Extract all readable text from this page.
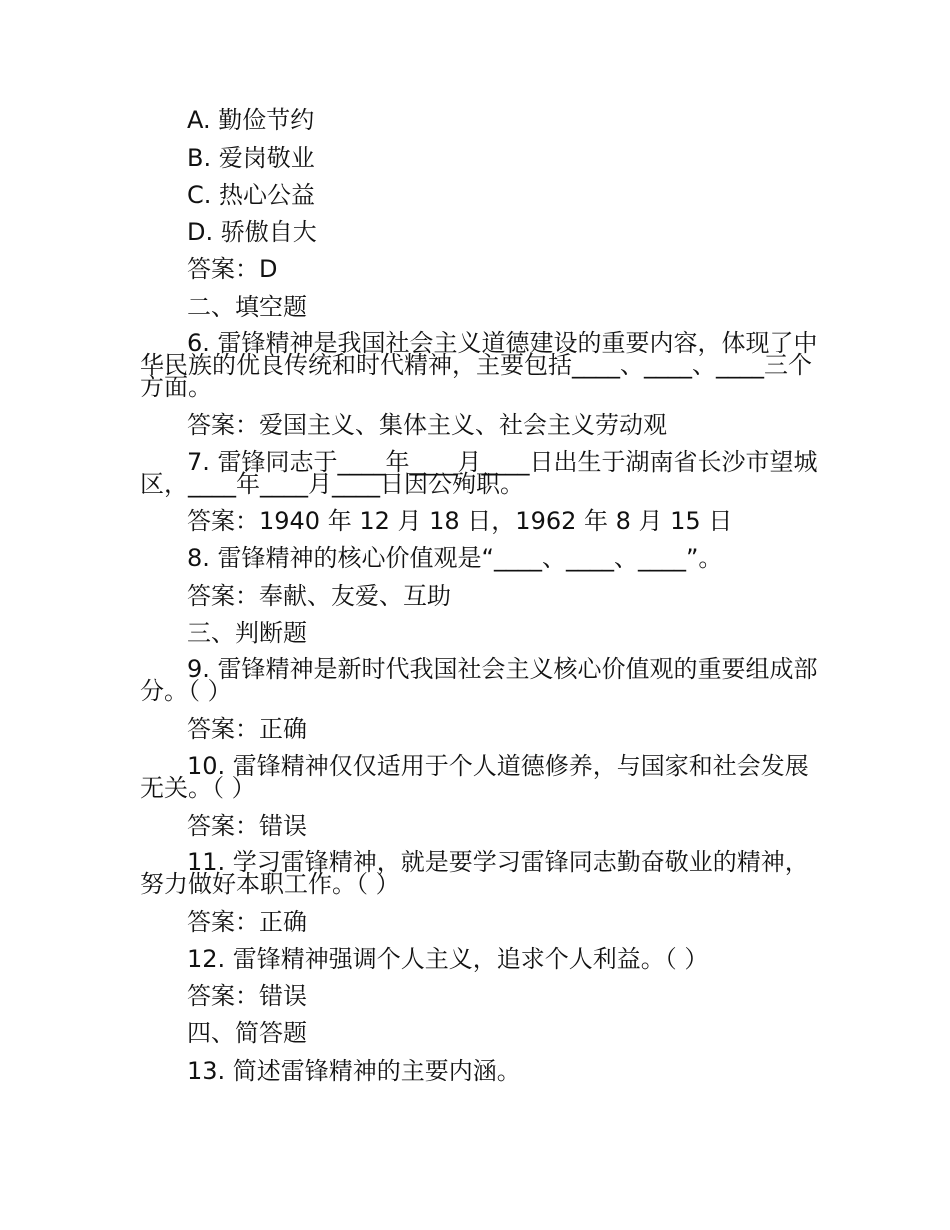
A. 勤俭节约
B. 爱岗敬业
C. 热心公益
D. 骄傲自大
答案：D
二、填空题
6. 雷锋精神是我国社会主义道德建设的重要内容，体现了中华民族的优良传统和时代精神，主要包括____、____、____三个方面。
答案：爱国主义、集体主义、社会主义劳动观
7. 雷锋同志于____年____月____日出生于湖南省长沙市望城区，____年____月____日因公殉职。
答案：1940 年 12 月 18 日，1962 年 8 月 15 日
8. 雷锋精神的核心价值观是“____、____、____”。
答案：奉献、友爱、互助
三、判断题
9. 雷锋精神是新时代我国社会主义核心价值观的重要组成部分。（ ）
答案：正确
10. 雷锋精神仅仅适用于个人道德修养，与国家和社会发展无关。（ ）
答案：错误
11. 学习雷锋精神，就是要学习雷锋同志勤奋敬业的精神，努力做好本职工作。（ ）
答案：正确
12. 雷锋精神强调个人主义，追求个人利益。（ ）
答案：错误
四、简答题
13. 简述雷锋精神的主要内涵。
